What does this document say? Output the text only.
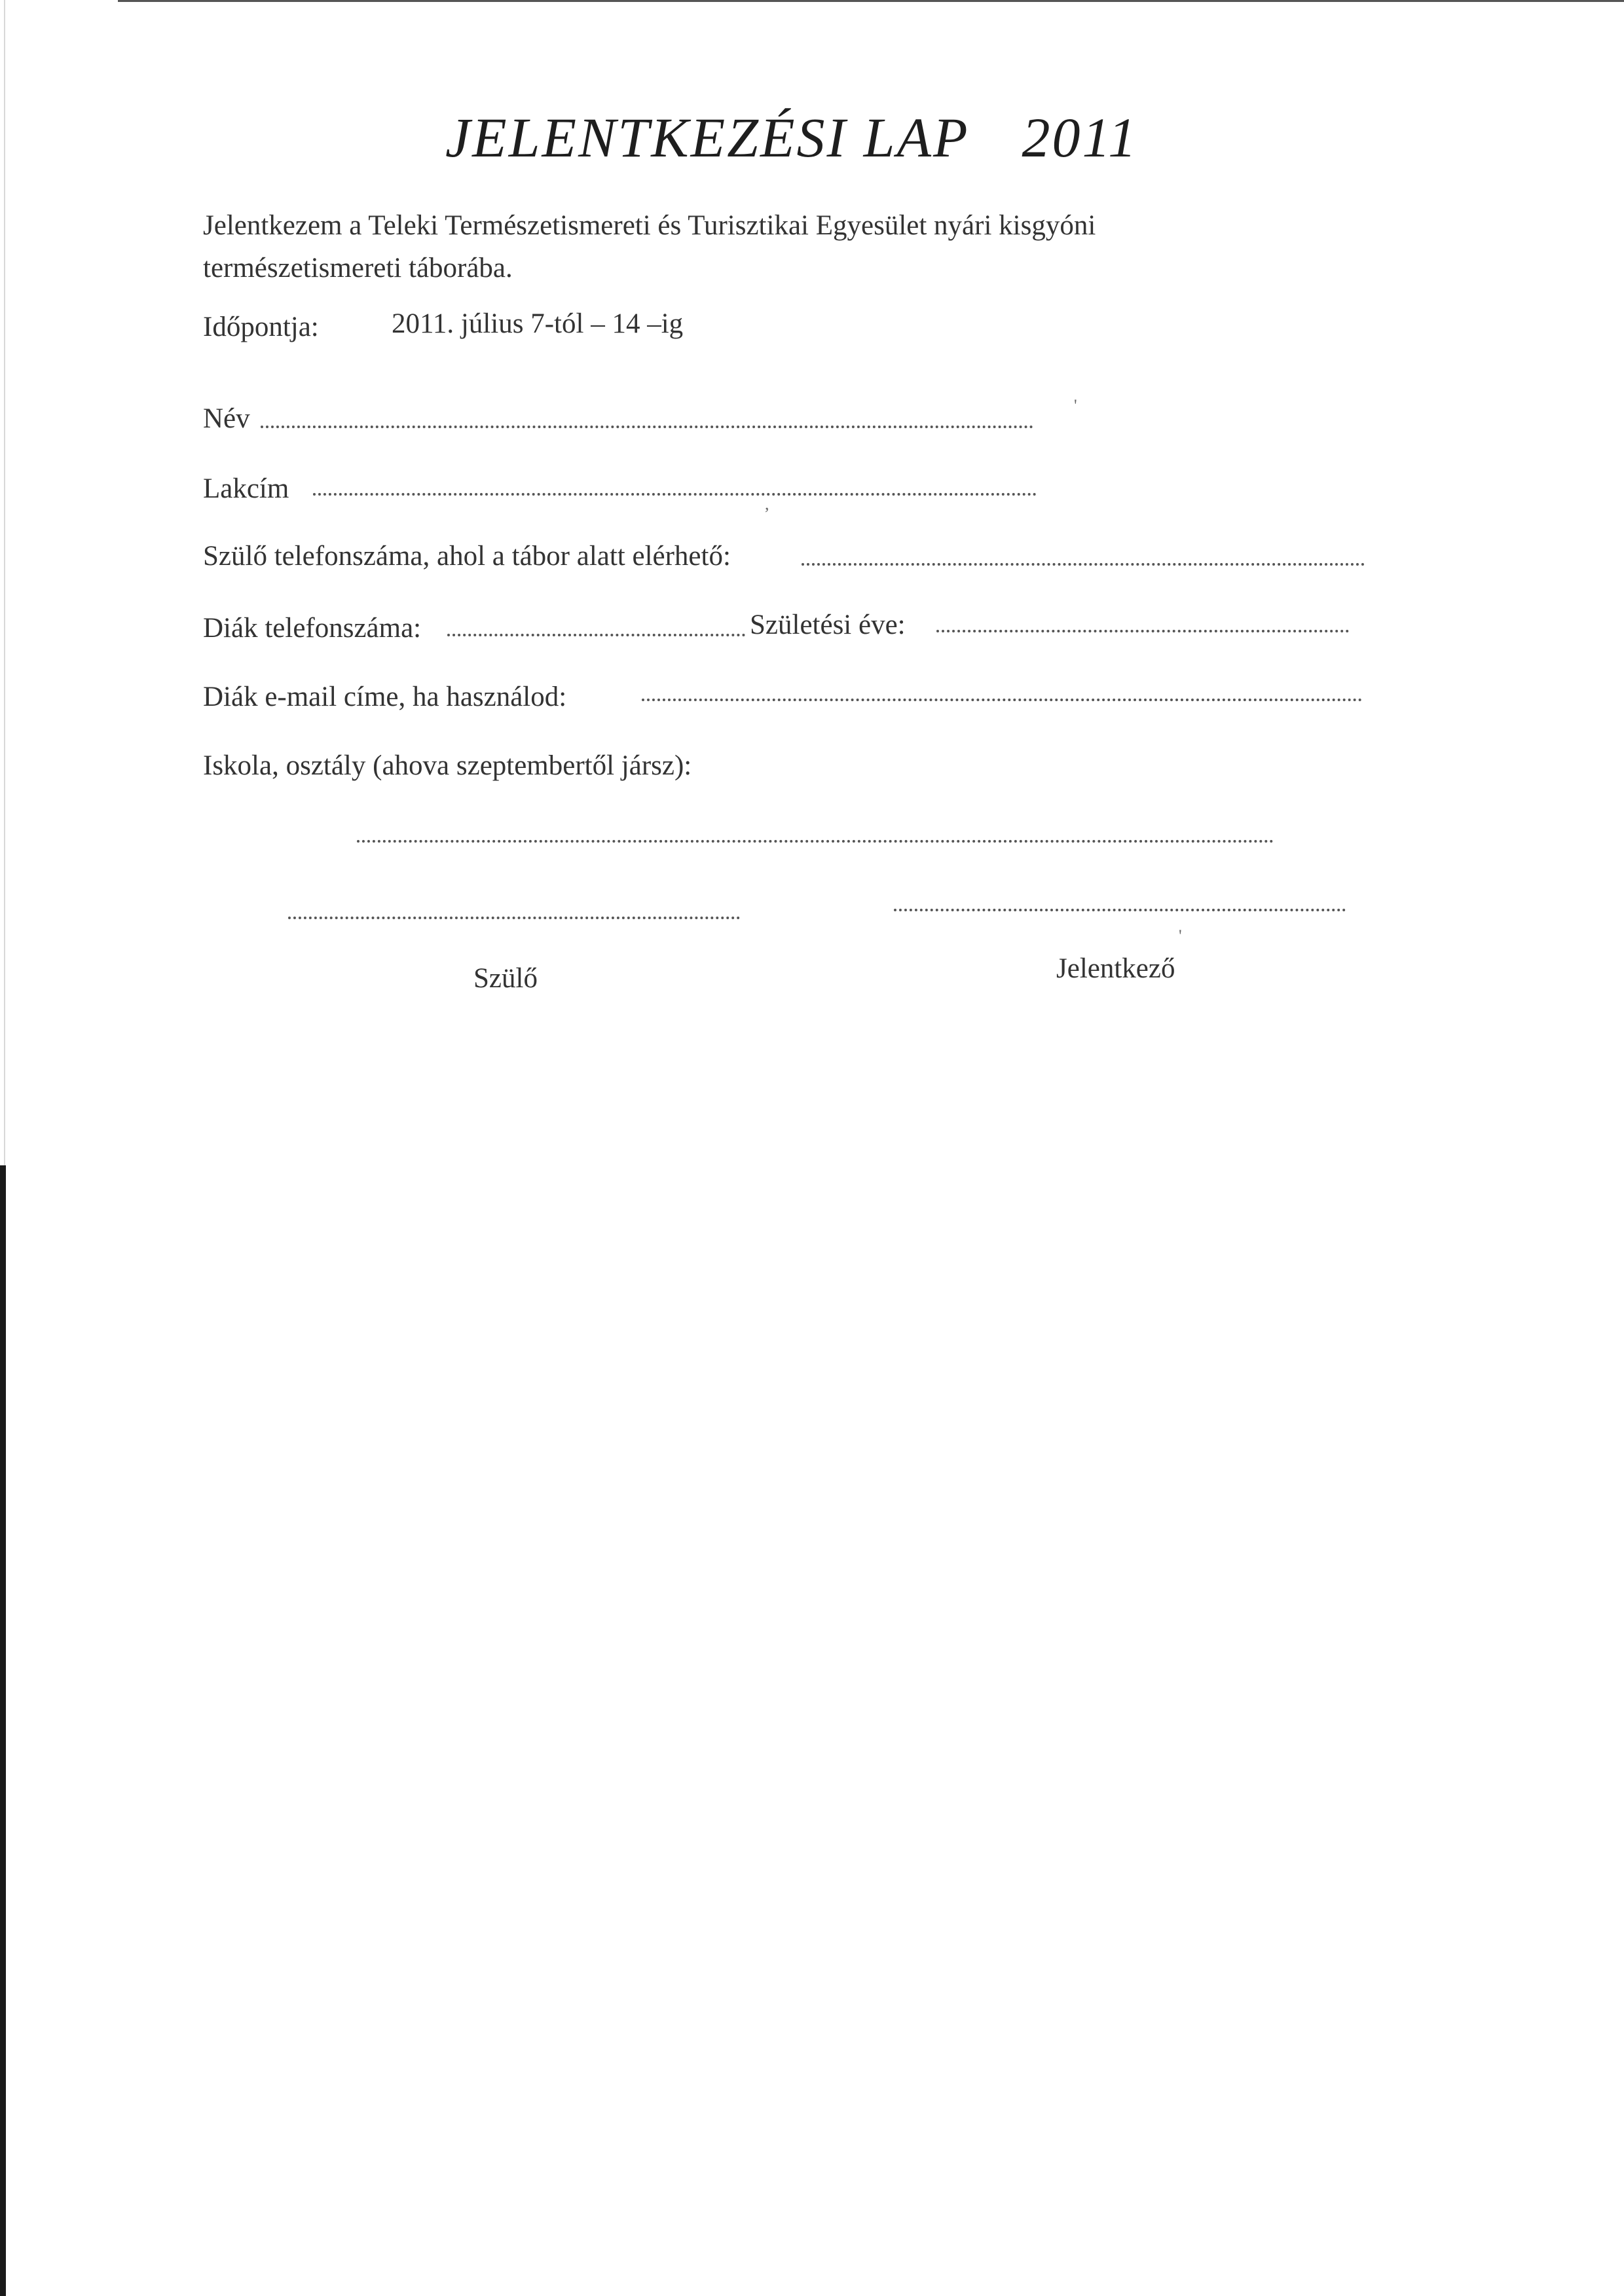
JELENTKEZÉSI LAP 2011
Jelentkezem a Teleki Természetismereti és Turisztikai Egyesület nyári kisgyóni
természetismereti táborába.
Időpontja:	2011. július 7-tól – 14 –ig
Név	'
Lakcím	,
Szülő telefonszáma, ahol a tábor alatt elérhető:
Diák telefonszáma:	Születési éve:
Diák e-mail címe, ha használod:
Iskola, osztály (ahova szeptembertől jársz):
'
Szülő	Jelentkező
